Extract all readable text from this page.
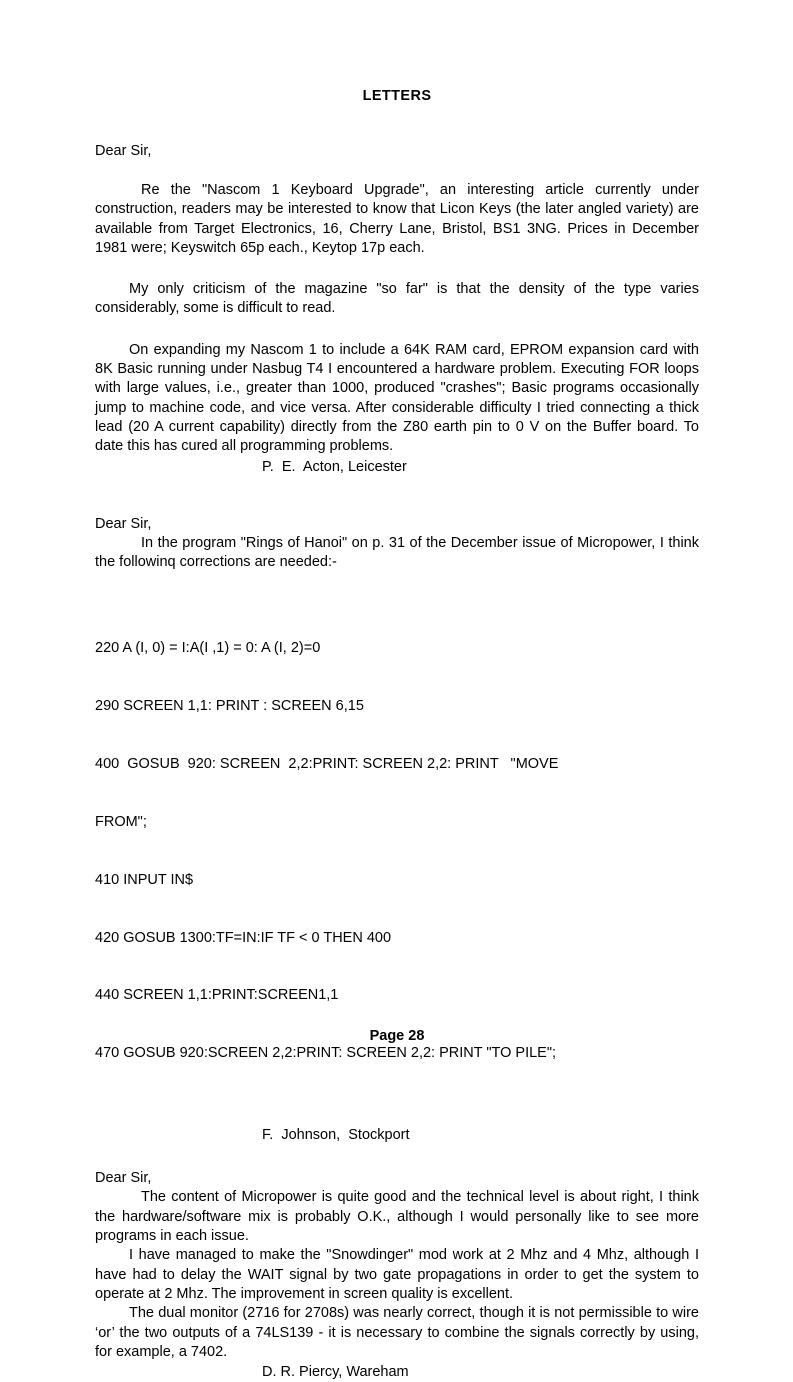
LETTERS

Dear Sir,

Re the "Nascom 1 Keyboard Upgrade", an interesting article currently under construction, readers may be interested to know that Licon Keys (the later angled variety) are available from Target Electronics, 16, Cherry Lane, Bristol, BS1 3NG. Prices in December 1981 were; Keyswitch 65p each., Keytop 17p each.

My only criticism of the magazine "so far" is that the density of the type varies considerably, some is difficult to read.

On expanding my Nascom 1 to include a 64K RAM card, EPROM expansion card with 8K Basic running under Nasbug T4 I encountered a hardware problem. Executing FOR loops with large values, i.e., greater than 1000, produced "crashes"; Basic programs occasionally jump to machine code, and vice versa. After considerable difficulty I tried connecting a thick lead (20 A current capability) directly from the Z80 earth pin to 0 V on the Buffer board. To date this has cured all programming problems.

P.  E.  Acton, Leicester

Dear Sir,

In the program "Rings of Hanoi" on p. 31 of the December issue of Micropower, I think the followinq corrections are needed:-

220 A (I, 0) = I:A(I ,1) = 0: A (I, 2)=0

290 SCREEN 1,1: PRINT : SCREEN 6,15

400  GOSUB  920: SCREEN  2,2:PRINT: SCREEN 2,2: PRINT   "MOVE

FROM";

410 INPUT IN$

420 GOSUB 1300:TF=IN:IF TF < 0 THEN 400

440 SCREEN 1,1:PRINT:SCREEN1,1

470 GOSUB 920:SCREEN 2,2:PRINT: SCREEN 2,2: PRINT "TO PILE";

F.  Johnson,  Stockport

Dear Sir,

The content of Micropower is quite good and the technical level is about right, I think the hardware/software mix is probably O.K., although I would personally like to see more programs in each issue.

I have managed to make the "Snowdinger" mod work at 2 Mhz and 4 Mhz, although I have had to delay the WAIT signal by two gate propagations in order to get the system to operate at 2 Mhz. The improvement in screen quality is excellent.

The dual monitor (2716 for 2708s) was nearly correct, though it is not permissible to wire ‘or’ the two outputs of a 74LS139 - it is necessary to combine the signals correctly by using, for example, a 7402.

D. R. Piercy, Wareham

Page 28
